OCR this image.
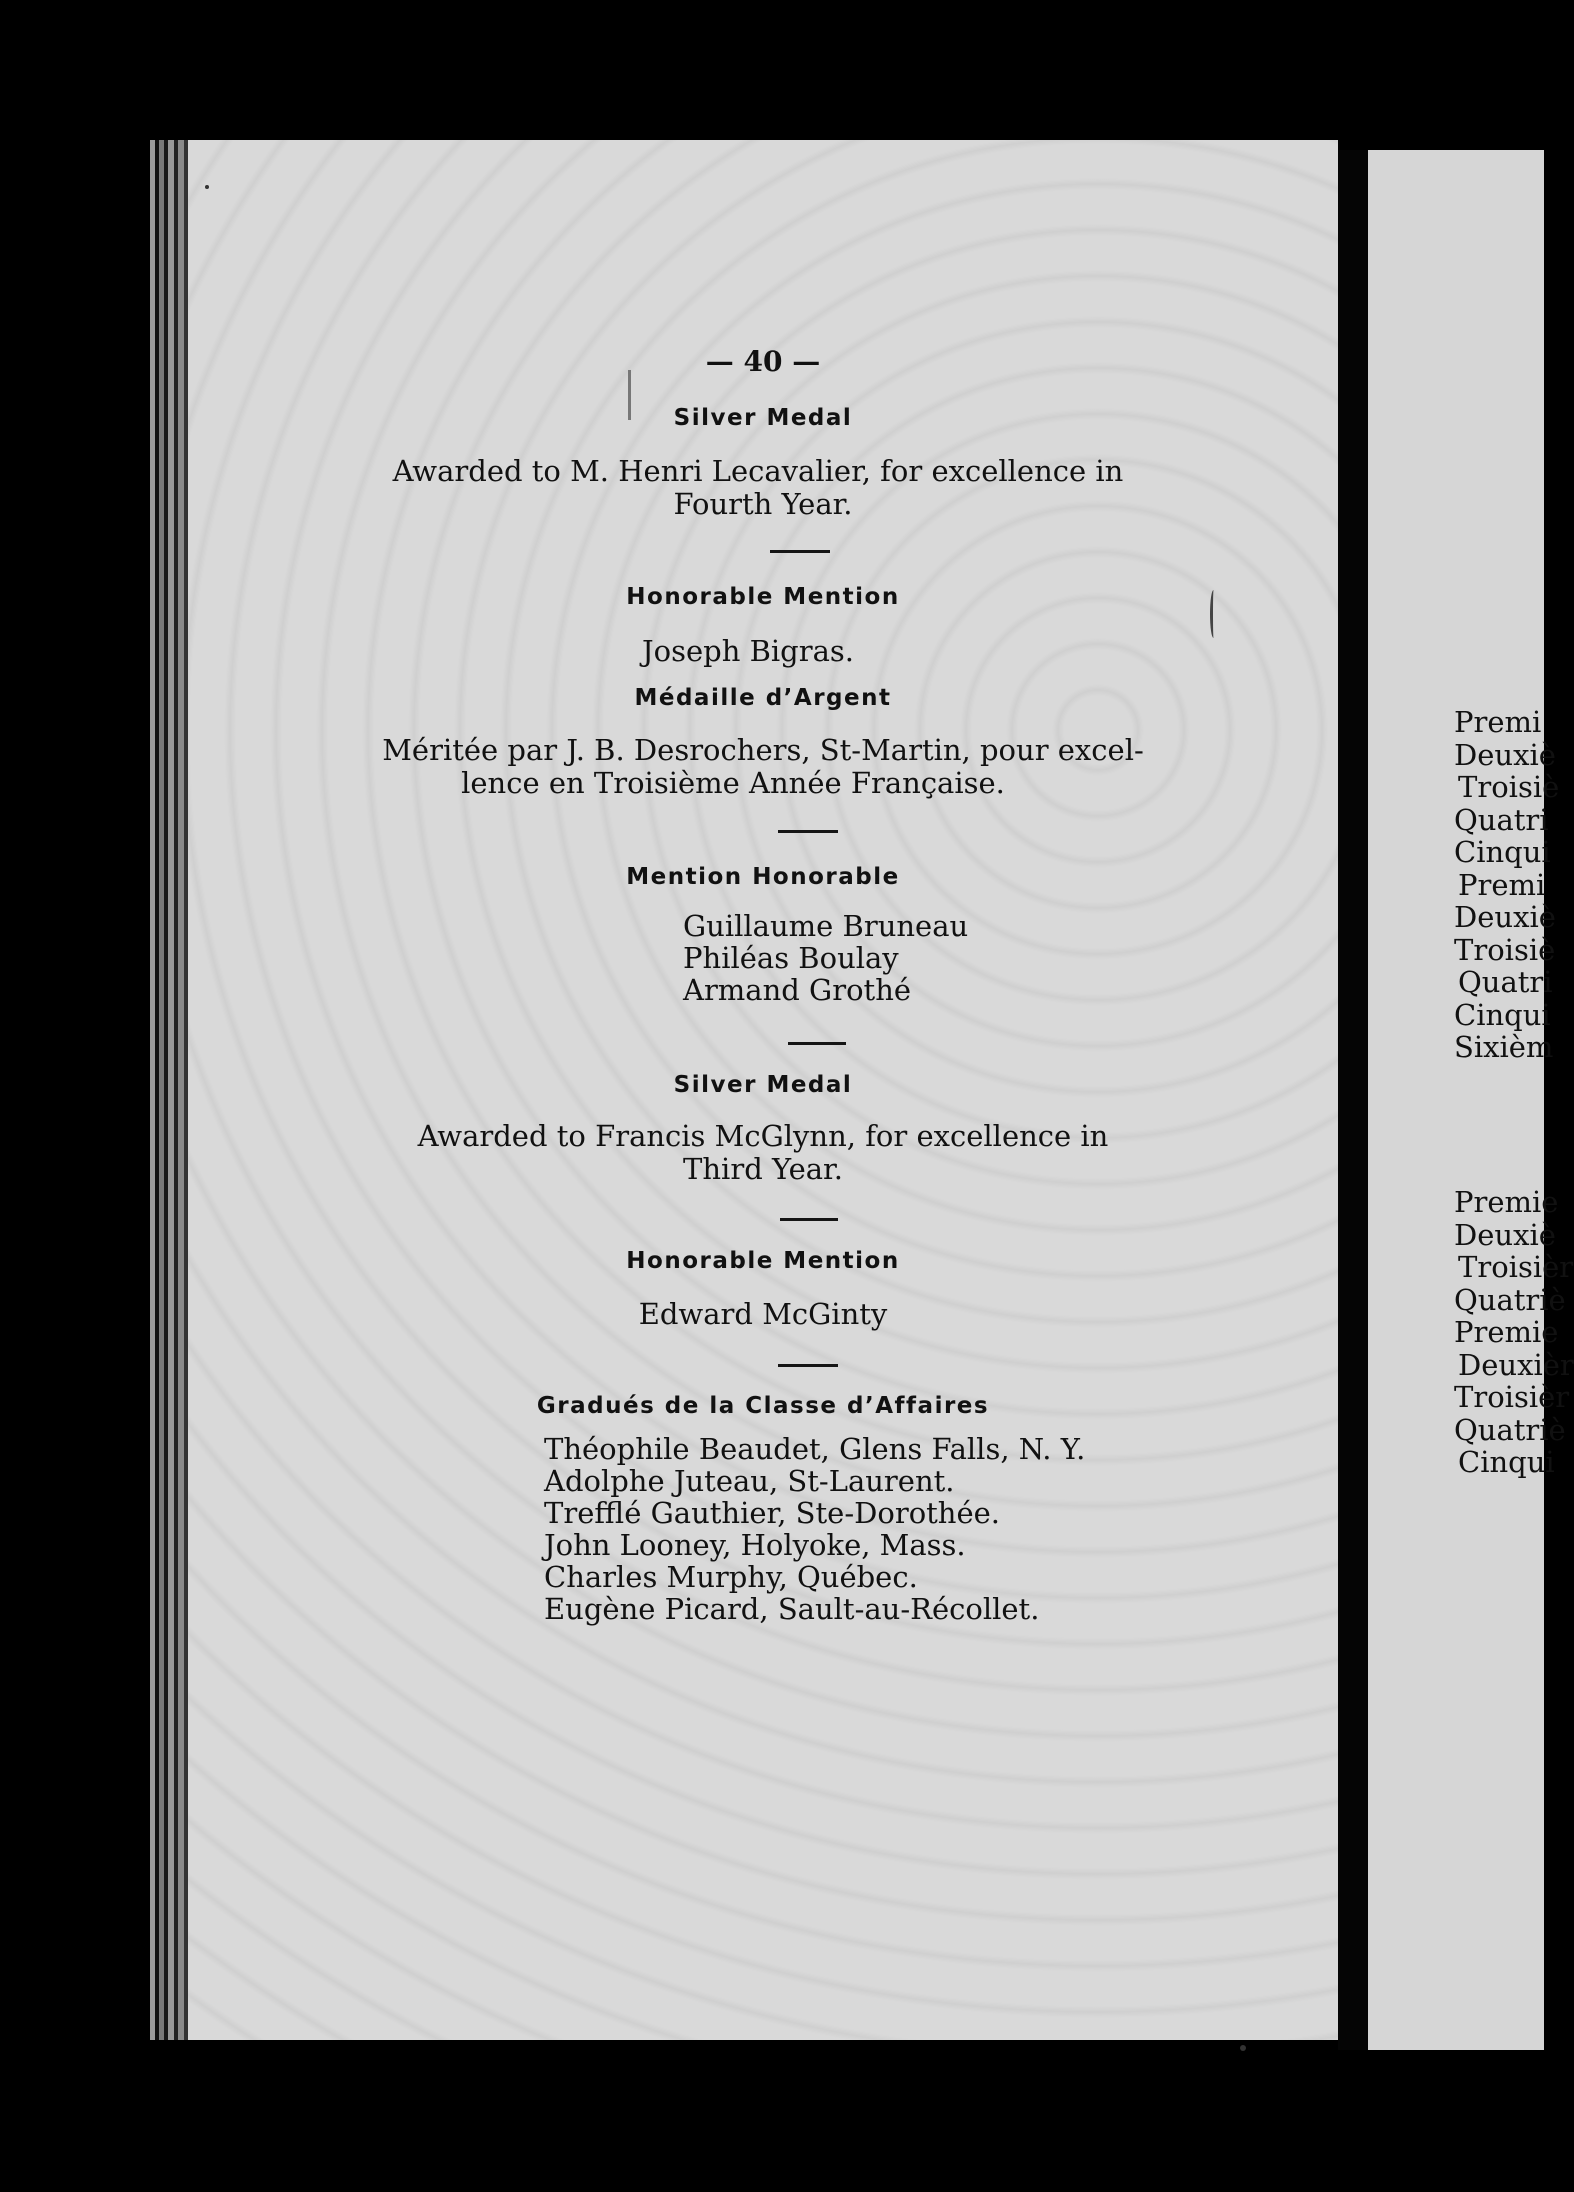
— 40 —
Silver Medal
Awarded to M. Henri Lecavalier, for excellence in
Fourth Year.
Honorable Mention
Joseph Bigras.
Médaille d’Argent
Méritée par J. B. Desrochers, St-Martin, pour excel-
lence en Troisième Année Française.
Mention Honorable
Guillaume Bruneau
Philéas Boulay
Armand Grothé
Silver Medal
Awarded to Francis McGlynn, for excellence in
Third Year.
Honorable Mention
Edward McGinty
Gradués de la Classe d’Affaires
Théophile Beaudet, Glens Falls, N. Y.
Adolphe Juteau, St-Laurent.
Trefflé Gauthier, Ste-Dorothée.
John Looney, Holyoke, Mass.
Charles Murphy, Québec.
Eugène Picard, Sault-au-Récollet.
Premi
Deuxiè
Troisiè
Quatri
Cinqui
Premi
Deuxiè
Troisiè
Quatri
Cinqui
Sixièm
Premie
Deuxiè
Troisièr
Quatriè
Premie
Deuxièr
Troisièr
Quatriè
Cinqui
